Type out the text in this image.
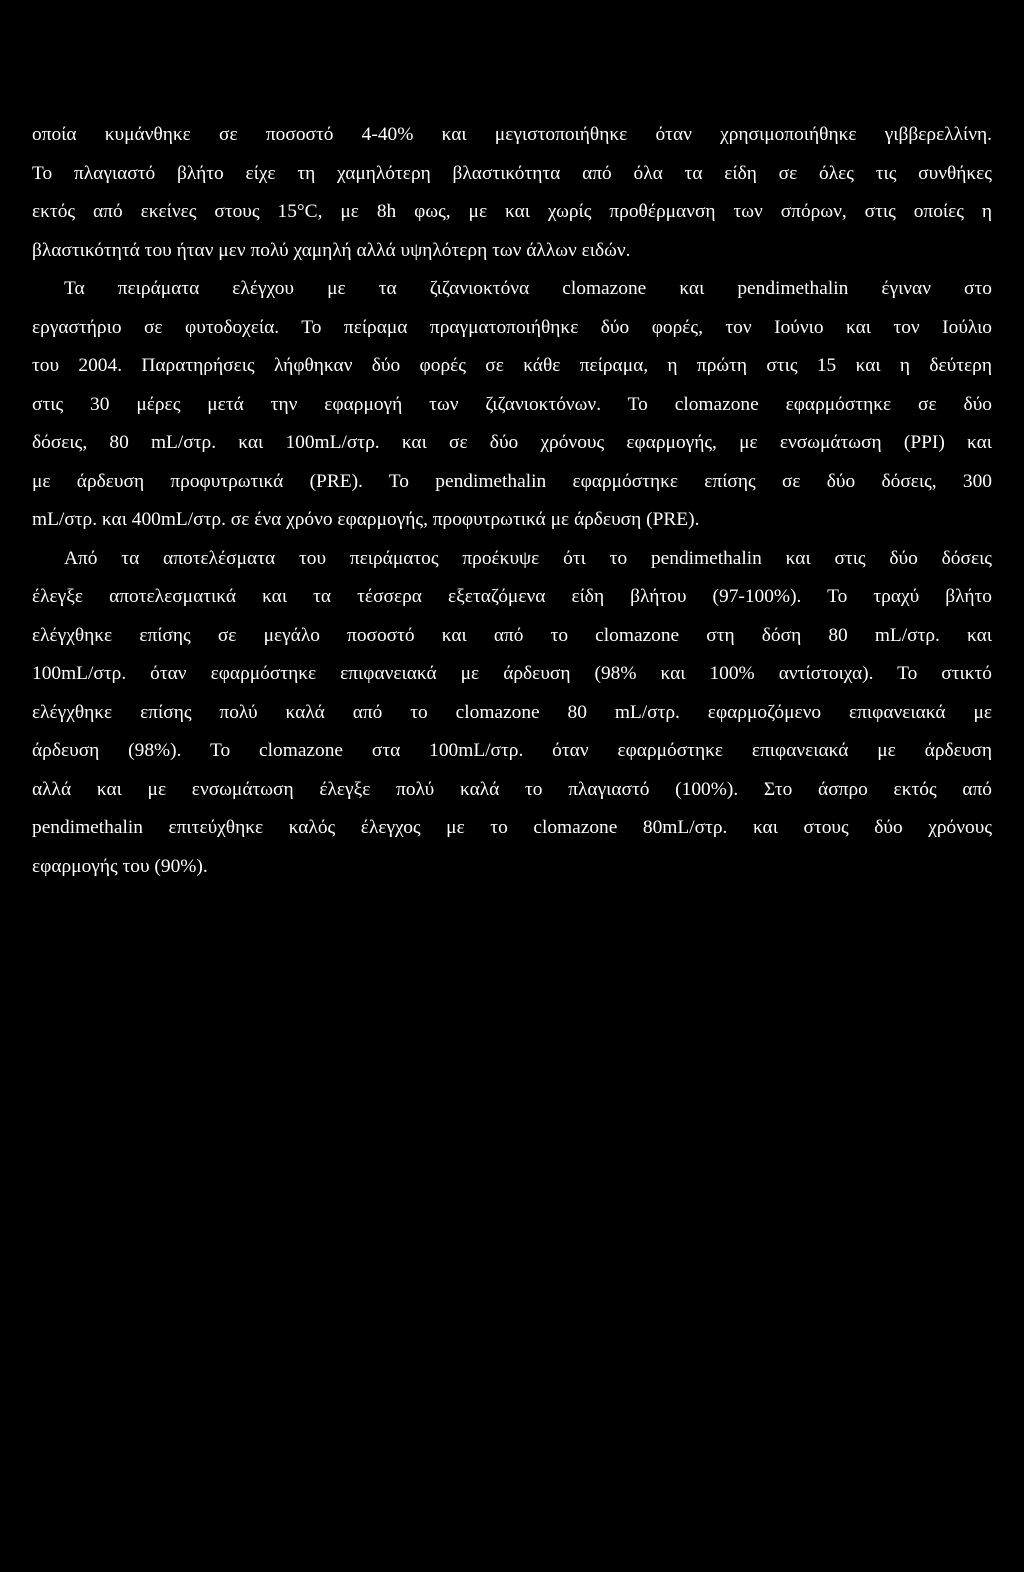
οποία κυμάνθηκε σε ποσοστό 4-40% και μεγιστοποιήθηκε όταν χρησιμοποιήθηκε γιββερελλίνη.
Το πλαγιαστό βλήτο είχε τη χαμηλότερη βλαστικότητα από όλα τα είδη σε όλες τις συνθήκες
εκτός από εκείνες στους 15°C, με 8h φως, με και χωρίς προθέρμανση των σπόρων, στις οποίες η
βλαστικότητά του ήταν μεν πολύ χαμηλή αλλά υψηλότερη των άλλων ειδών.
Τα πειράματα ελέγχου με τα ζιζανιοκτόνα clomazone και pendimethalin έγιναν στο
εργαστήριο σε φυτοδοχεία. Το πείραμα πραγματοποιήθηκε δύο φορές, τον Ιούνιο και τον Ιούλιο
του 2004. Παρατηρήσεις λήφθηκαν δύο φορές σε κάθε πείραμα, η πρώτη στις 15 και η δεύτερη
στις 30 μέρες μετά την εφαρμογή των ζιζανιοκτόνων. Το clomazone εφαρμόστηκε σε δύο
δόσεις, 80 mL/στρ. και 100mL/στρ. και σε δύο χρόνους εφαρμογής, με ενσωμάτωση (PPI) και
με άρδευση προφυτρωτικά (PRE). Το pendimethalin εφαρμόστηκε επίσης σε δύο δόσεις, 300
mL/στρ. και 400mL/στρ. σε ένα χρόνο εφαρμογής, προφυτρωτικά με άρδευση (PRE).
Από τα αποτελέσματα του πειράματος προέκυψε ότι το pendimethalin και στις δύο δόσεις
έλεγξε αποτελεσματικά και τα τέσσερα εξεταζόμενα είδη βλήτου (97-100%). Το τραχύ βλήτο
ελέγχθηκε επίσης σε μεγάλο ποσοστό και από το clomazone στη δόση 80 mL/στρ. και
100mL/στρ. όταν εφαρμόστηκε επιφανειακά με άρδευση (98% και 100% αντίστοιχα). Το στικτό
ελέγχθηκε επίσης πολύ καλά από το clomazone 80 mL/στρ. εφαρμοζόμενο επιφανειακά με
άρδευση (98%). Το clomazone στα 100mL/στρ. όταν εφαρμόστηκε επιφανειακά με άρδευση
αλλά και με ενσωμάτωση έλεγξε πολύ καλά το πλαγιαστό (100%). Στο άσπρο εκτός από
pendimethalin επιτεύχθηκε καλός έλεγχος με το clomazone 80mL/στρ. και στους δύο χρόνους
εφαρμογής του (90%).
